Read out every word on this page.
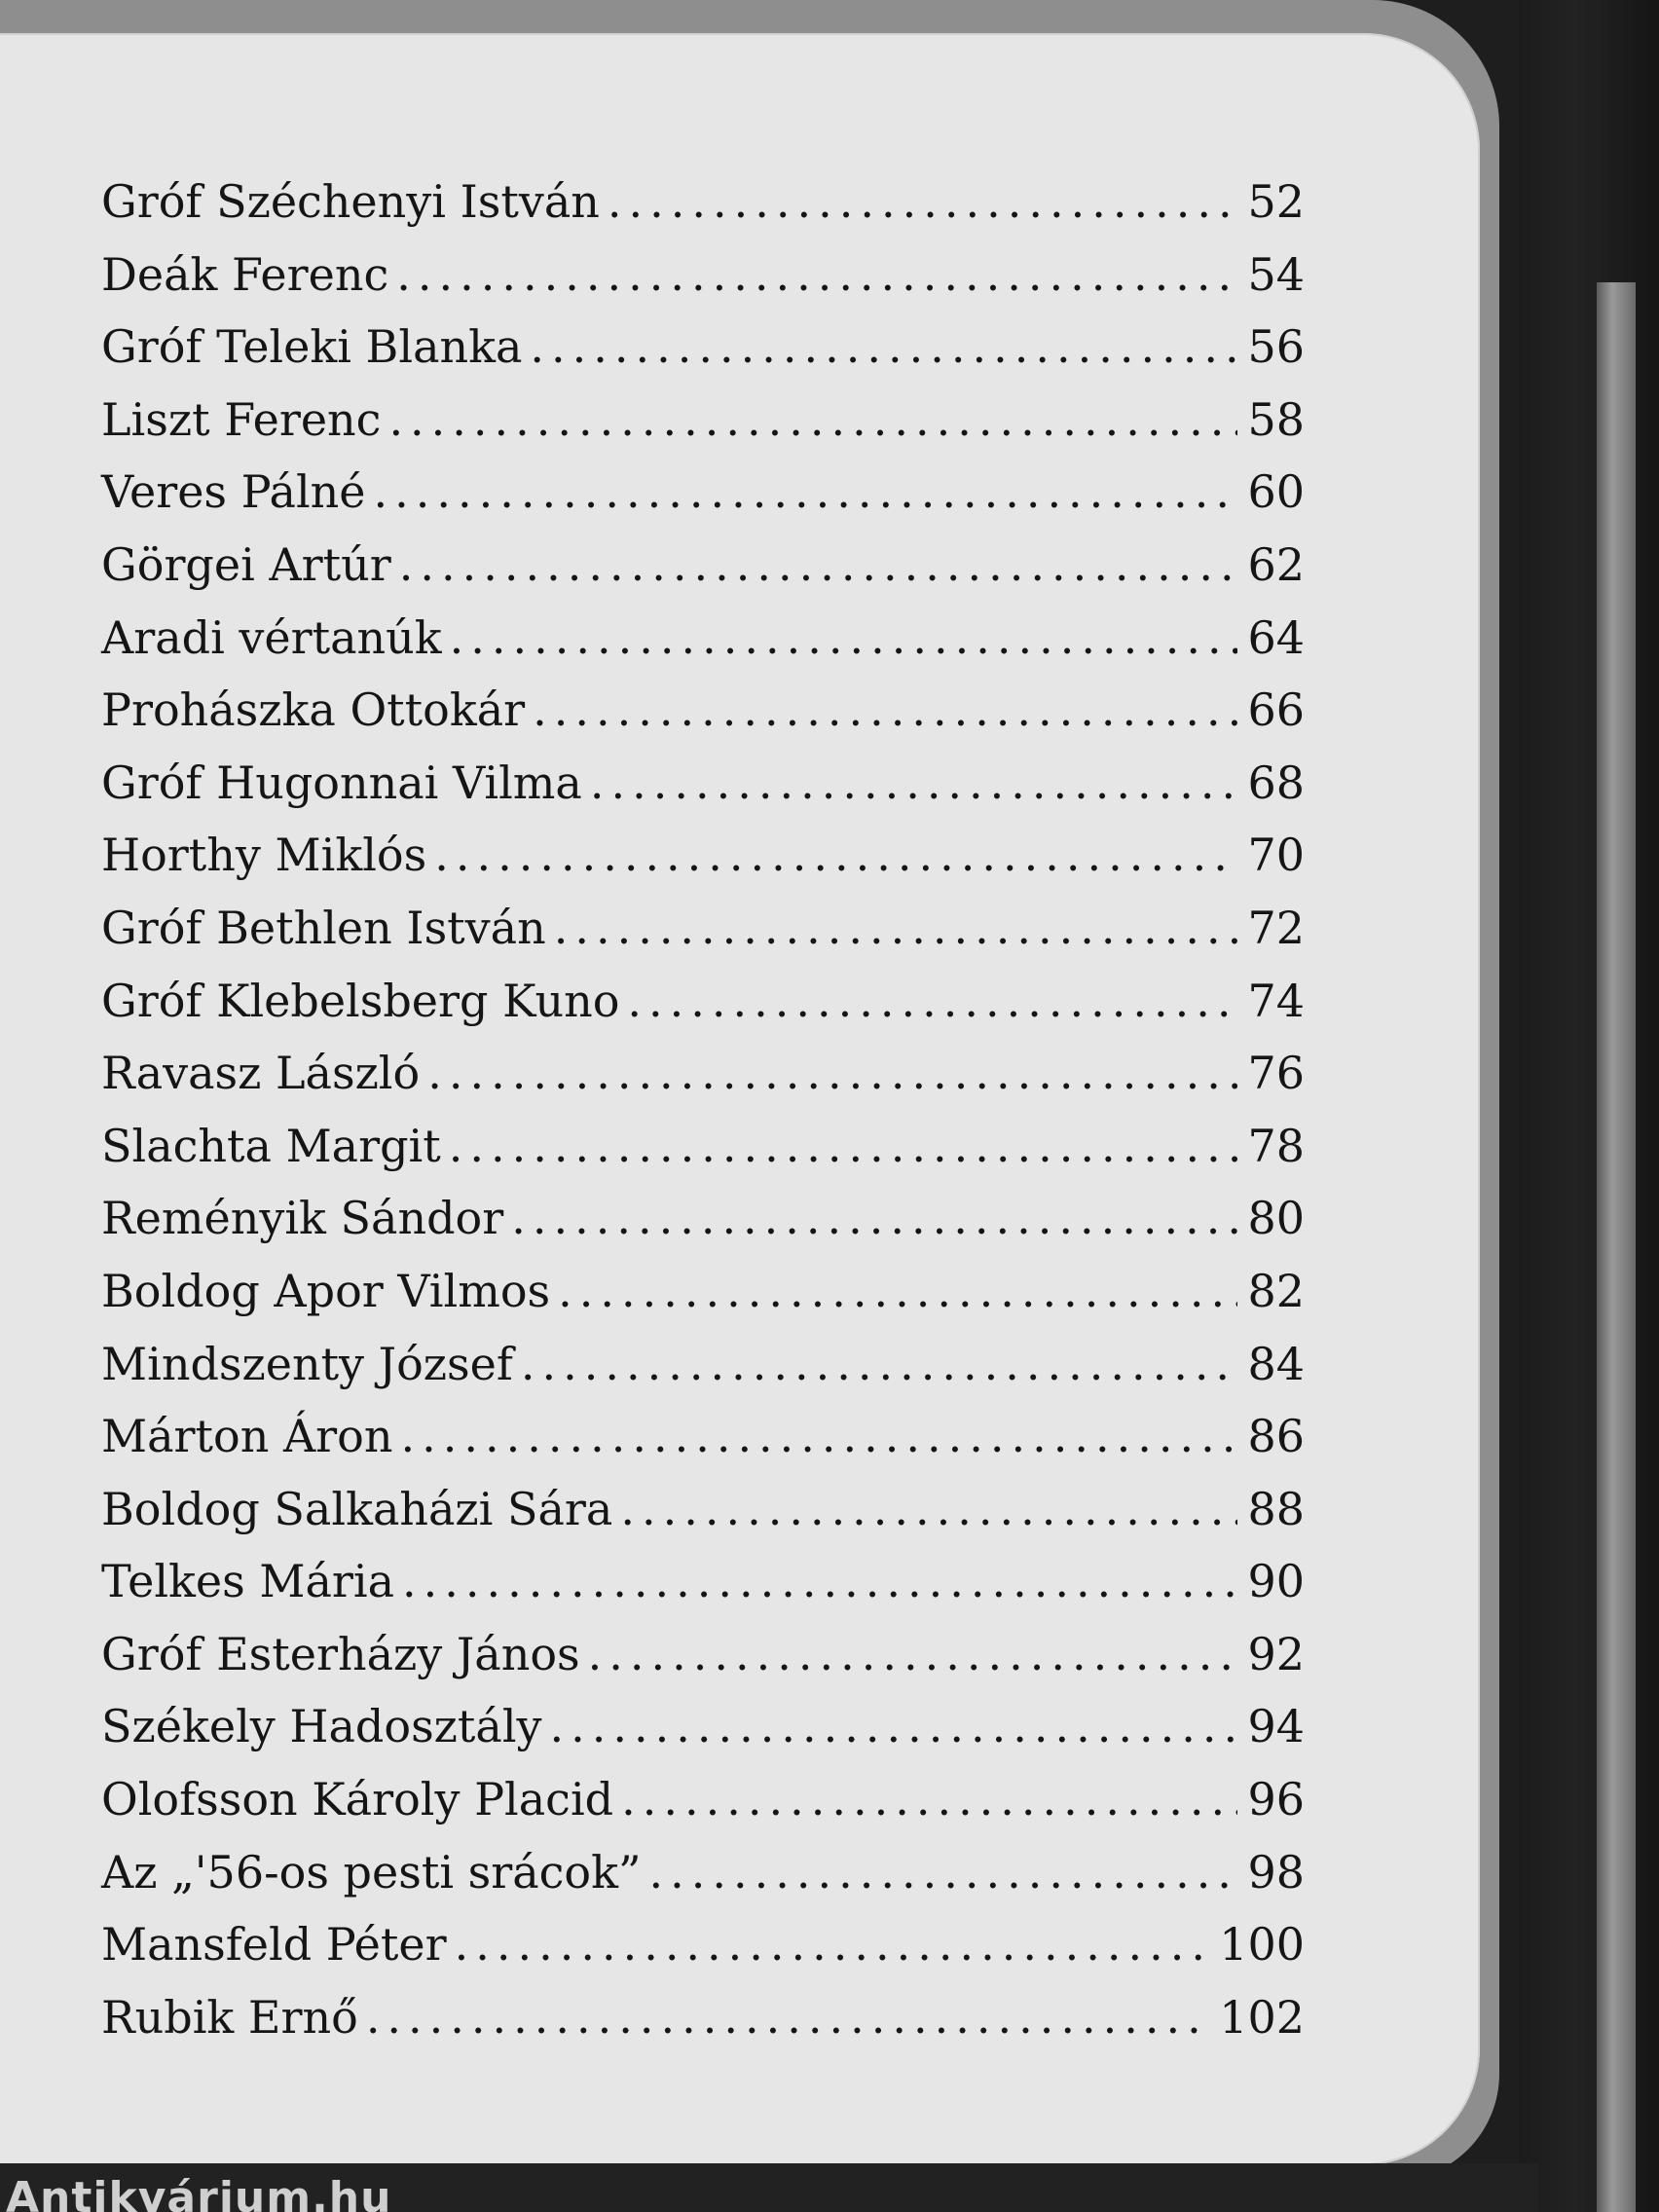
Gróf Széchenyi István .....	52
Deák Ferenc .....	54
Gróf Teleki Blanka .....	56
Liszt Ferenc .....	58
Veres Pálné .....	60
Görgei Artúr .....	62
Aradi vértanúk .....	64
Prohászka Ottokár .....	66
Gróf Hugonnai Vilma .....	68
Horthy Miklós .....	70
Gróf Bethlen István .....	72
Gróf Klebelsberg Kuno .....	74
Ravasz László .....	76
Slachta Margit .....	78
Reményik Sándor .....	80
Boldog Apor Vilmos .....	82
Mindszenty József .....	84
Márton Áron .....	86
Boldog Salkaházi Sára .....	88
Telkes Mária .....	90
Gróf Esterházy János .....	92
Székely Hadosztály .....	94
Olofsson Károly Placid .....	96
Az „'56-os pesti srácok” .....	98
Mansfeld Péter .....	100
Rubik Ernő .....	102
Antikvárium.hu
